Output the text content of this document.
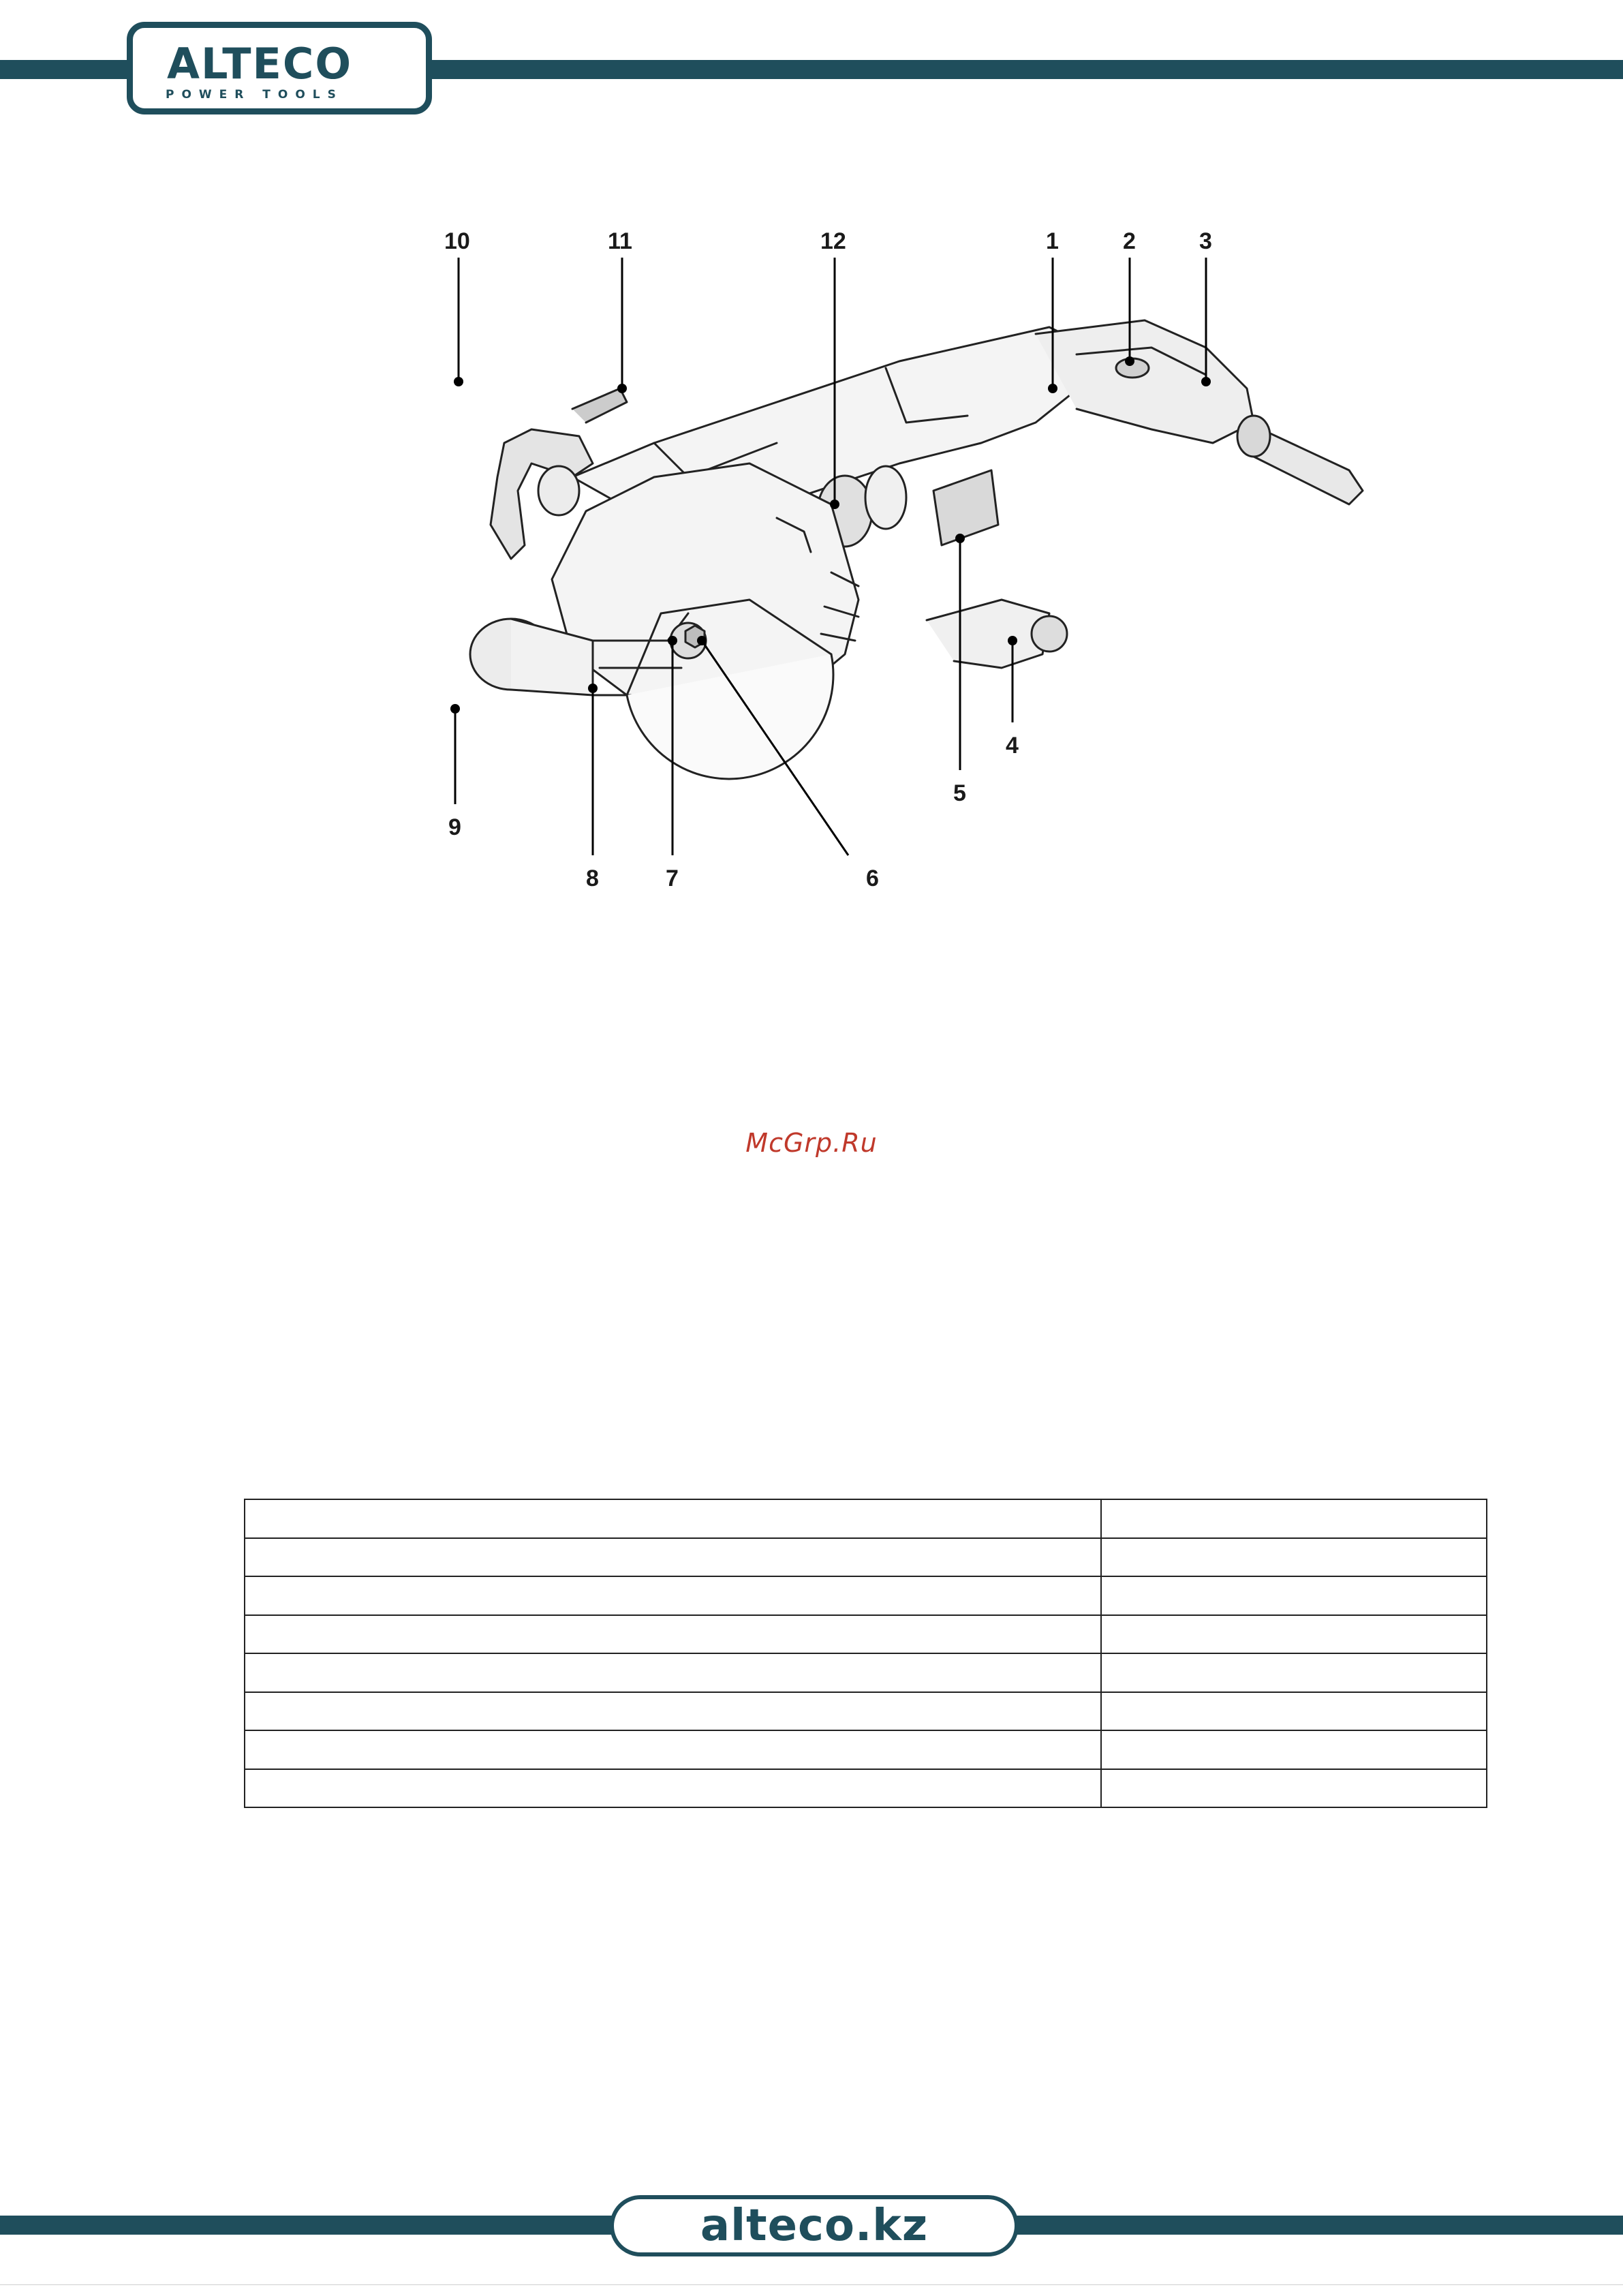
ALTECO
POWER TOOLS
10	11	12	1	2	3
4
5
6
7
8
9
McGrp.Ru

alteco.kz
